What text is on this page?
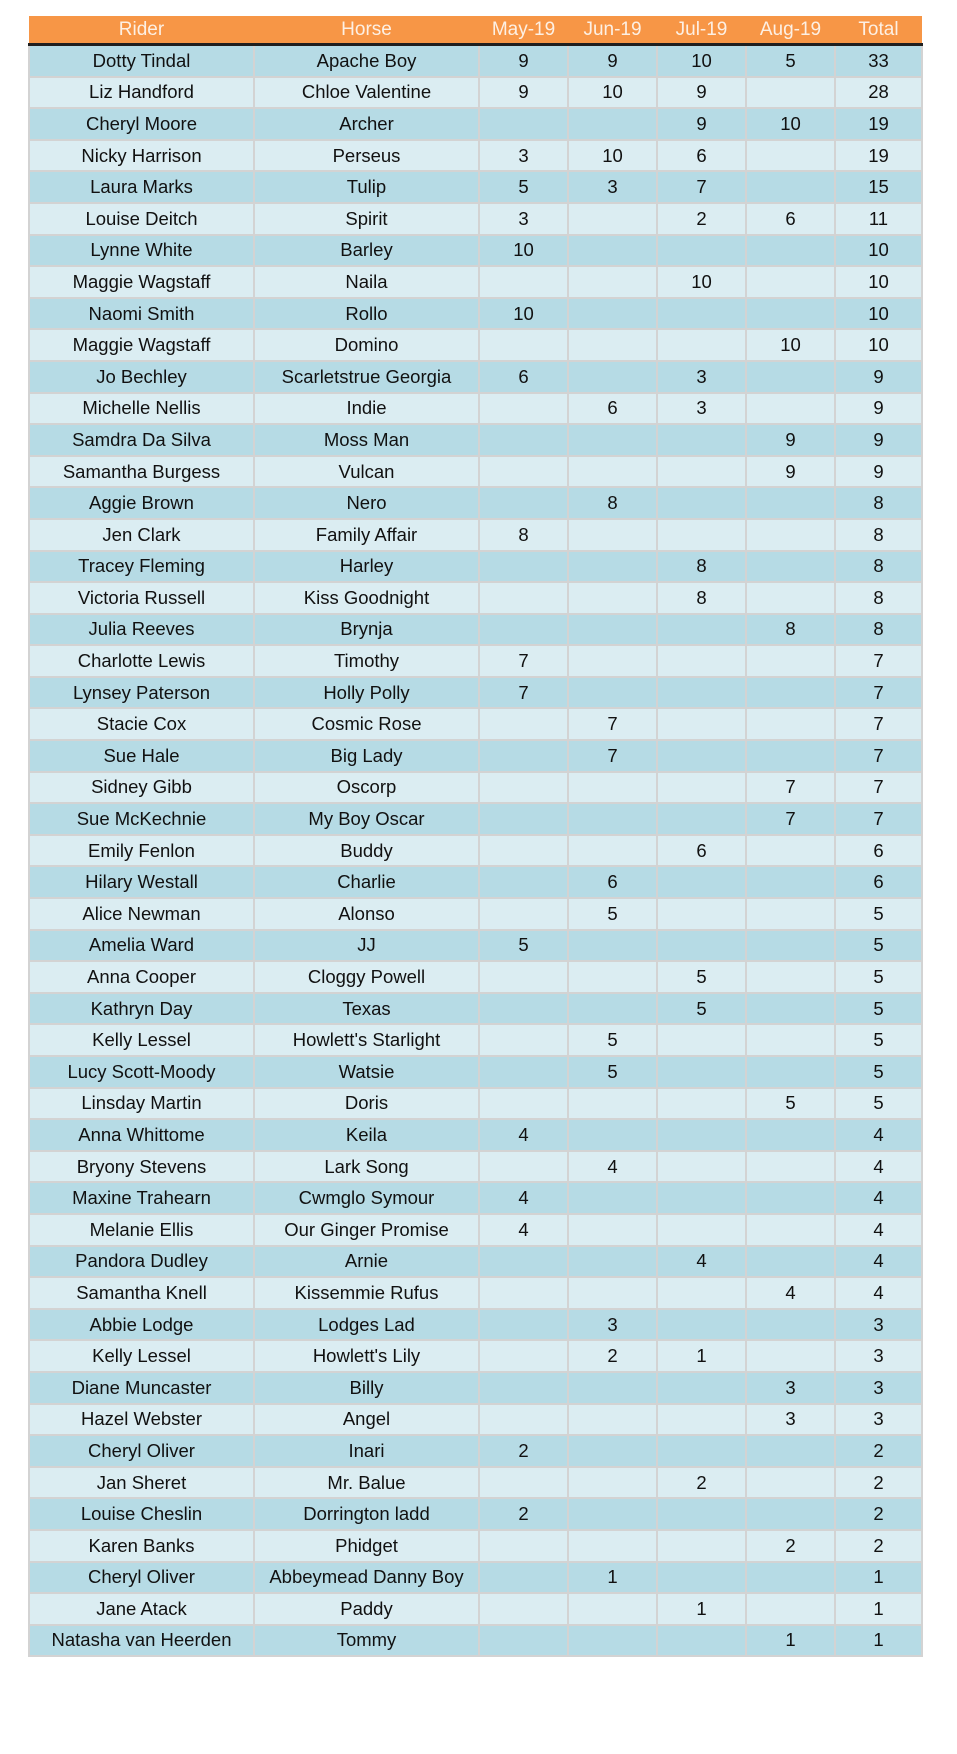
Rider	Horse	May-19	Jun-19	Jul-19	Aug-19	Total
Dotty Tindal	Apache Boy	9	9	10	5	33
Liz Handford	Chloe Valentine	9	10	9		28
Cheryl Moore	Archer			9	10	19
Nicky Harrison	Perseus	3	10	6		19
Laura Marks	Tulip	5	3	7		15
Louise Deitch	Spirit	3		2	6	11
Lynne White	Barley	10				10
Maggie Wagstaff	Naila			10		10
Naomi Smith	Rollo	10				10
Maggie Wagstaff	Domino				10	10
Jo Bechley	Scarletstrue Georgia	6		3		9
Michelle Nellis	Indie		6	3		9
Samdra Da Silva	Moss Man				9	9
Samantha Burgess	Vulcan				9	9
Aggie Brown	Nero		8			8
Jen Clark	Family Affair	8				8
Tracey Fleming	Harley			8		8
Victoria Russell	Kiss Goodnight			8		8
Julia Reeves	Brynja				8	8
Charlotte Lewis	Timothy	7				7
Lynsey Paterson	Holly Polly	7				7
Stacie Cox	Cosmic Rose		7			7
Sue Hale	Big Lady		7			7
Sidney Gibb	Oscorp				7	7
Sue McKechnie	My Boy Oscar				7	7
Emily Fenlon	Buddy			6		6
Hilary Westall	Charlie		6			6
Alice Newman	Alonso		5			5
Amelia Ward	JJ	5				5
Anna Cooper	Cloggy Powell			5		5
Kathryn Day	Texas			5		5
Kelly Lessel	Howlett's Starlight		5			5
Lucy Scott-Moody	Watsie		5			5
Linsday Martin	Doris				5	5
Anna Whittome	Keila	4				4
Bryony Stevens	Lark Song		4			4
Maxine Trahearn	Cwmglo Symour	4				4
Melanie Ellis	Our Ginger Promise	4				4
Pandora Dudley	Arnie			4		4
Samantha Knell	Kissemmie Rufus				4	4
Abbie Lodge	Lodges Lad		3			3
Kelly Lessel	Howlett's Lily		2	1		3
Diane Muncaster	Billy				3	3
Hazel Webster	Angel				3	3
Cheryl Oliver	Inari	2				2
Jan Sheret	Mr. Balue			2		2
Louise Cheslin	Dorrington ladd	2				2
Karen Banks	Phidget				2	2
Cheryl Oliver	Abbeymead Danny Boy		1			1
Jane Atack	Paddy			1		1
Natasha van Heerden	Tommy				1	1
